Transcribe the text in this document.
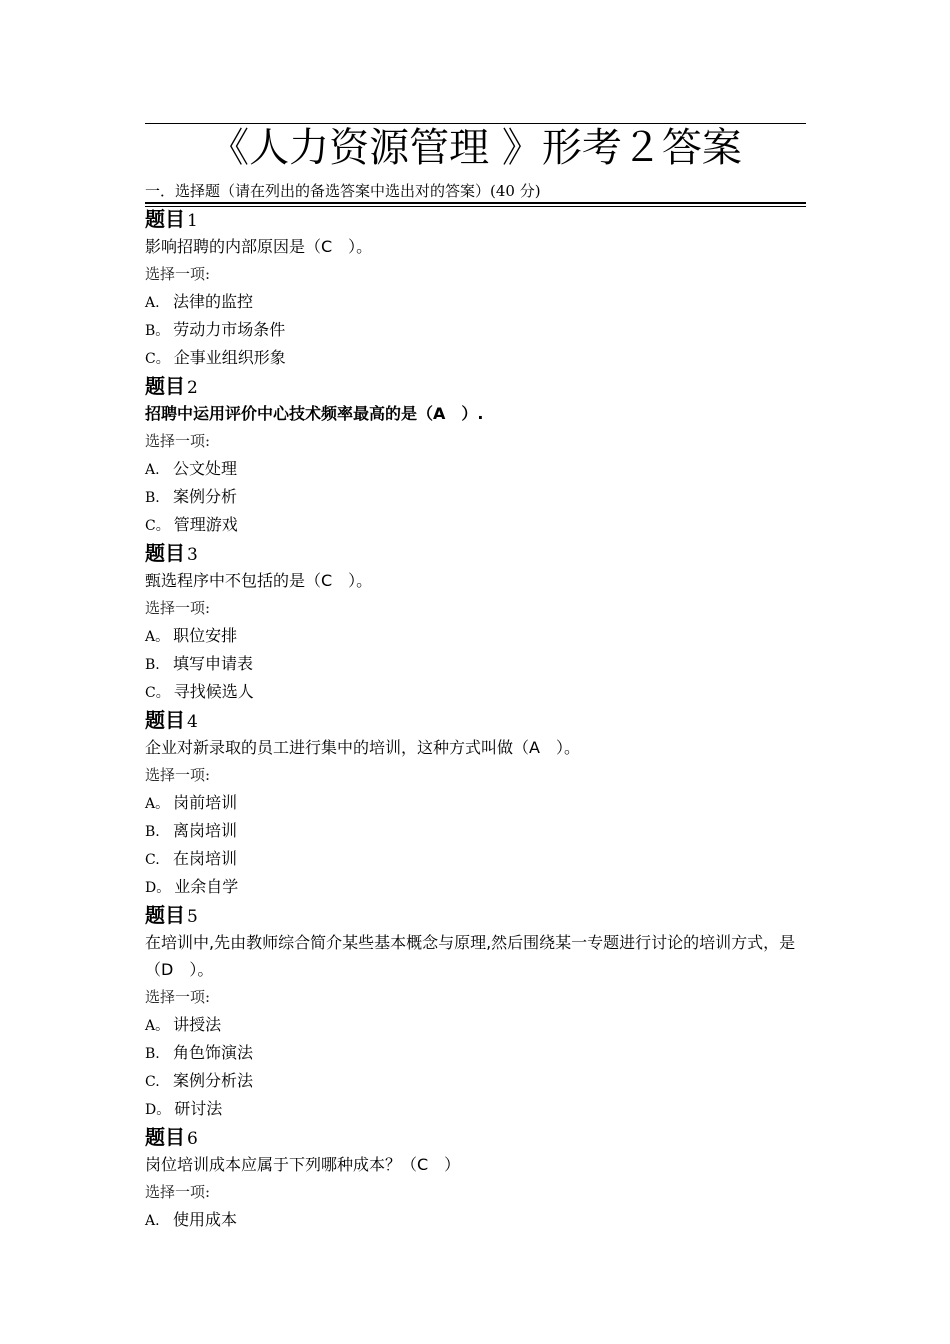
《人力资源管理 》形考２答案
一．选择题（请在列出的备选答案中选出对的答案）(40 分)
题目 1
影响招聘的内部原因是（C　）。
选择一项:
A. 法律的监控
B。 劳动力市场条件
C。 企事业组织形象
题目 2
招聘中运用评价中心技术频率最高的是（A　）.
选择一项:
A. 公文处理
B. 案例分析
C。 管理游戏
题目 3
甄选程序中不包括的是（C　）。
选择一项:
A。 职位安排
B. 填写申请表
C。 寻找候选人
题目 4
企业对新录取的员工进行集中的培训，这种方式叫做（A　）。
选择一项:
A。 岗前培训
B. 离岗培训
C. 在岗培训
D。 业余自学
题目 5
在培训中,先由教师综合简介某些基本概念与原理,然后围绕某一专题进行讨论的培训方式，是（D　）。
选择一项:
A。 讲授法
B. 角色饰演法
C. 案例分析法
D。 研讨法
题目 6
岗位培训成本应属于下列哪种成本？（C　）
选择一项:
A. 使用成本
